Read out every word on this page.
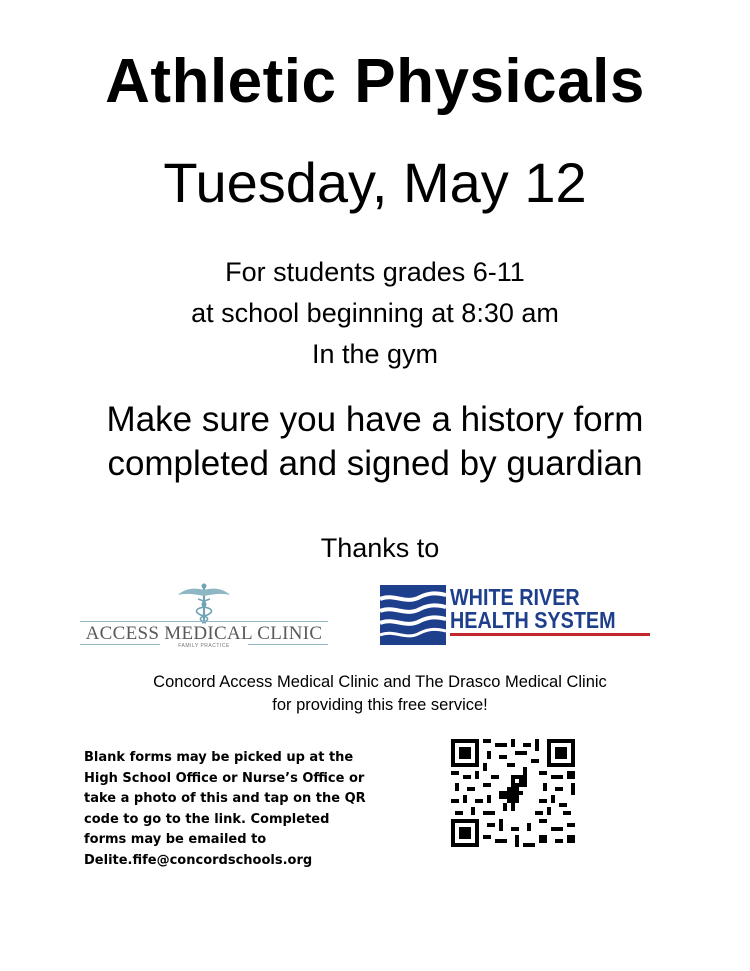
Athletic Physicals
Tuesday, May 12
For students grades 6-11
at school beginning at 8:30 am
In the gym
Make sure you have a history form
completed and signed by guardian
Thanks to
ACCESS MEDICAL CLINIC
FAMILY PRACTICE
WHITE RIVER
HEALTH SYSTEM
Concord Access Medical Clinic and The Drasco Medical Clinic
for providing this free service!
Blank forms may be picked up at the
High School Office or Nurse’s Office or
take a photo of this and tap on the QR
code to go to the link. Completed
forms may be emailed to
Delite.fife@concordschools.org
